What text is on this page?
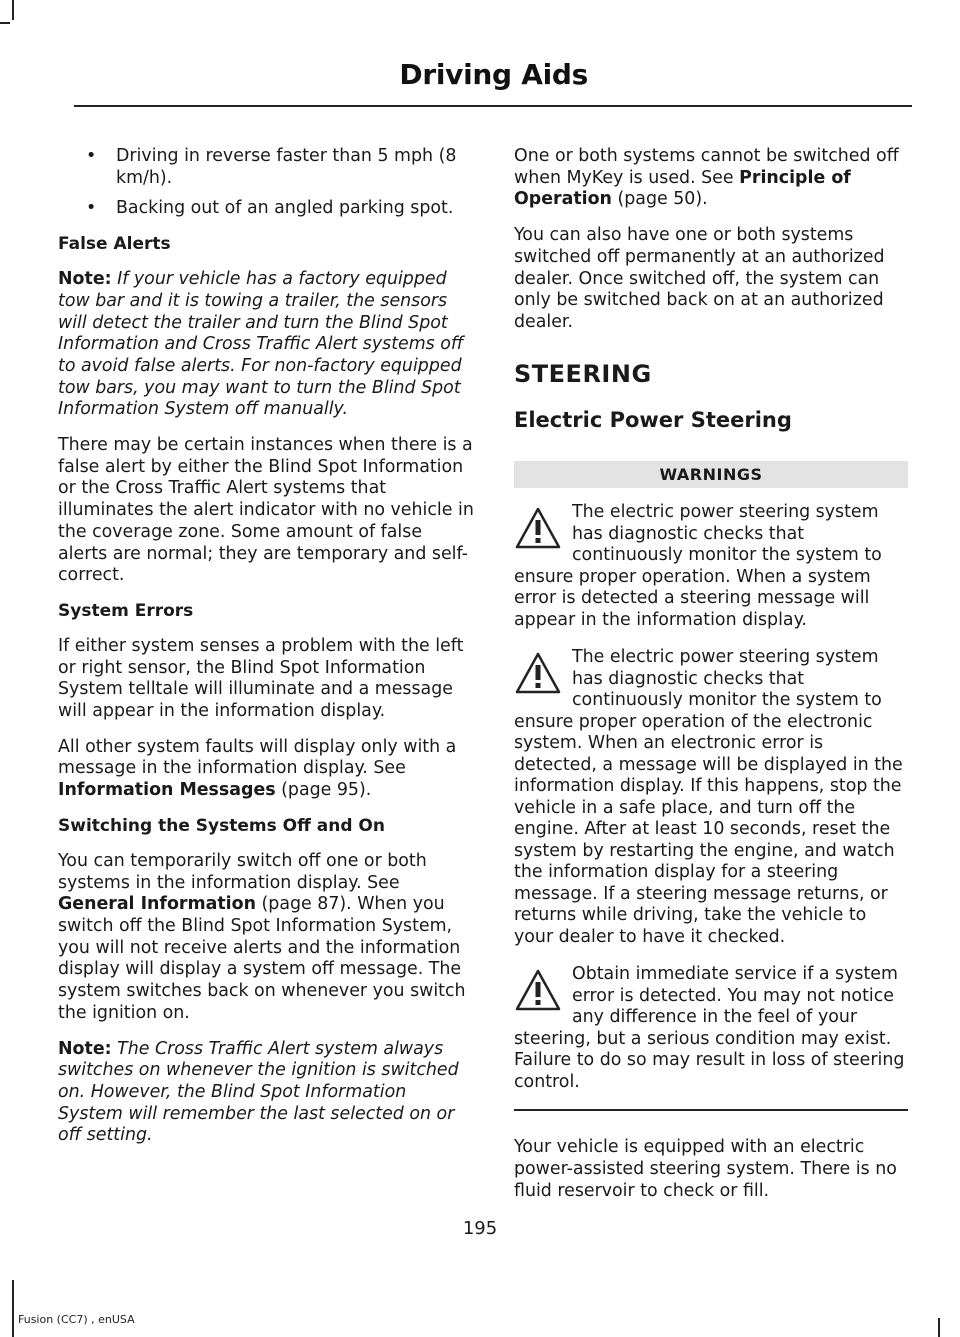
Driving Aids
• Driving in reverse faster than 5 mph (8 km/h).
• Backing out of an angled parking spot.
False Alerts

Note: If your vehicle has a factory equipped tow bar and it is towing a trailer, the sensors will detect the trailer and turn the Blind Spot Information and Cross Traffic Alert systems off to avoid false alerts. For non-factory equipped tow bars, you may want to turn the Blind Spot Information System off manually.

There may be certain instances when there is a false alert by either the Blind Spot Information or the Cross Traffic Alert systems that illuminates the alert indicator with no vehicle in the coverage zone. Some amount of false alerts are normal; they are temporary and self-correct.

System Errors

If either system senses a problem with the left or right sensor, the Blind Spot Information System telltale will illuminate and a message will appear in the information display.

All other system faults will display only with a message in the information display. See Information Messages (page 95).

Switching the Systems Off and On

You can temporarily switch off one or both systems in the information display. See General Information (page 87). When you switch off the Blind Spot Information System, you will not receive alerts and the information display will display a system off message. The system switches back on whenever you switch the ignition on.

Note: The Cross Traffic Alert system always switches on whenever the ignition is switched on. However, the Blind Spot Information System will remember the last selected on or off setting.

One or both systems cannot be switched off when MyKey is used. See Principle of Operation (page 50).

You can also have one or both systems switched off permanently at an authorized dealer. Once switched off, the system can only be switched back on at an authorized dealer.

STEERING
Electric Power Steering
WARNINGS
The electric power steering system has diagnostic checks that continuously monitor the system to ensure proper operation. When a system error is detected a steering message will appear in the information display.
The electric power steering system has diagnostic checks that continuously monitor the system to ensure proper operation of the electronic system. When an electronic error is detected, a message will be displayed in the information display. If this happens, stop the vehicle in a safe place, and turn off the engine. After at least 10 seconds, reset the system by restarting the engine, and watch the information display for a steering message. If a steering message returns, or returns while driving, take the vehicle to your dealer to have it checked.
Obtain immediate service if a system error is detected. You may not notice any difference in the feel of your steering, but a serious condition may exist. Failure to do so may result in loss of steering control.

Your vehicle is equipped with an electric power-assisted steering system. There is no fluid reservoir to check or fill.

195
Fusion (CC7) , enUSA
